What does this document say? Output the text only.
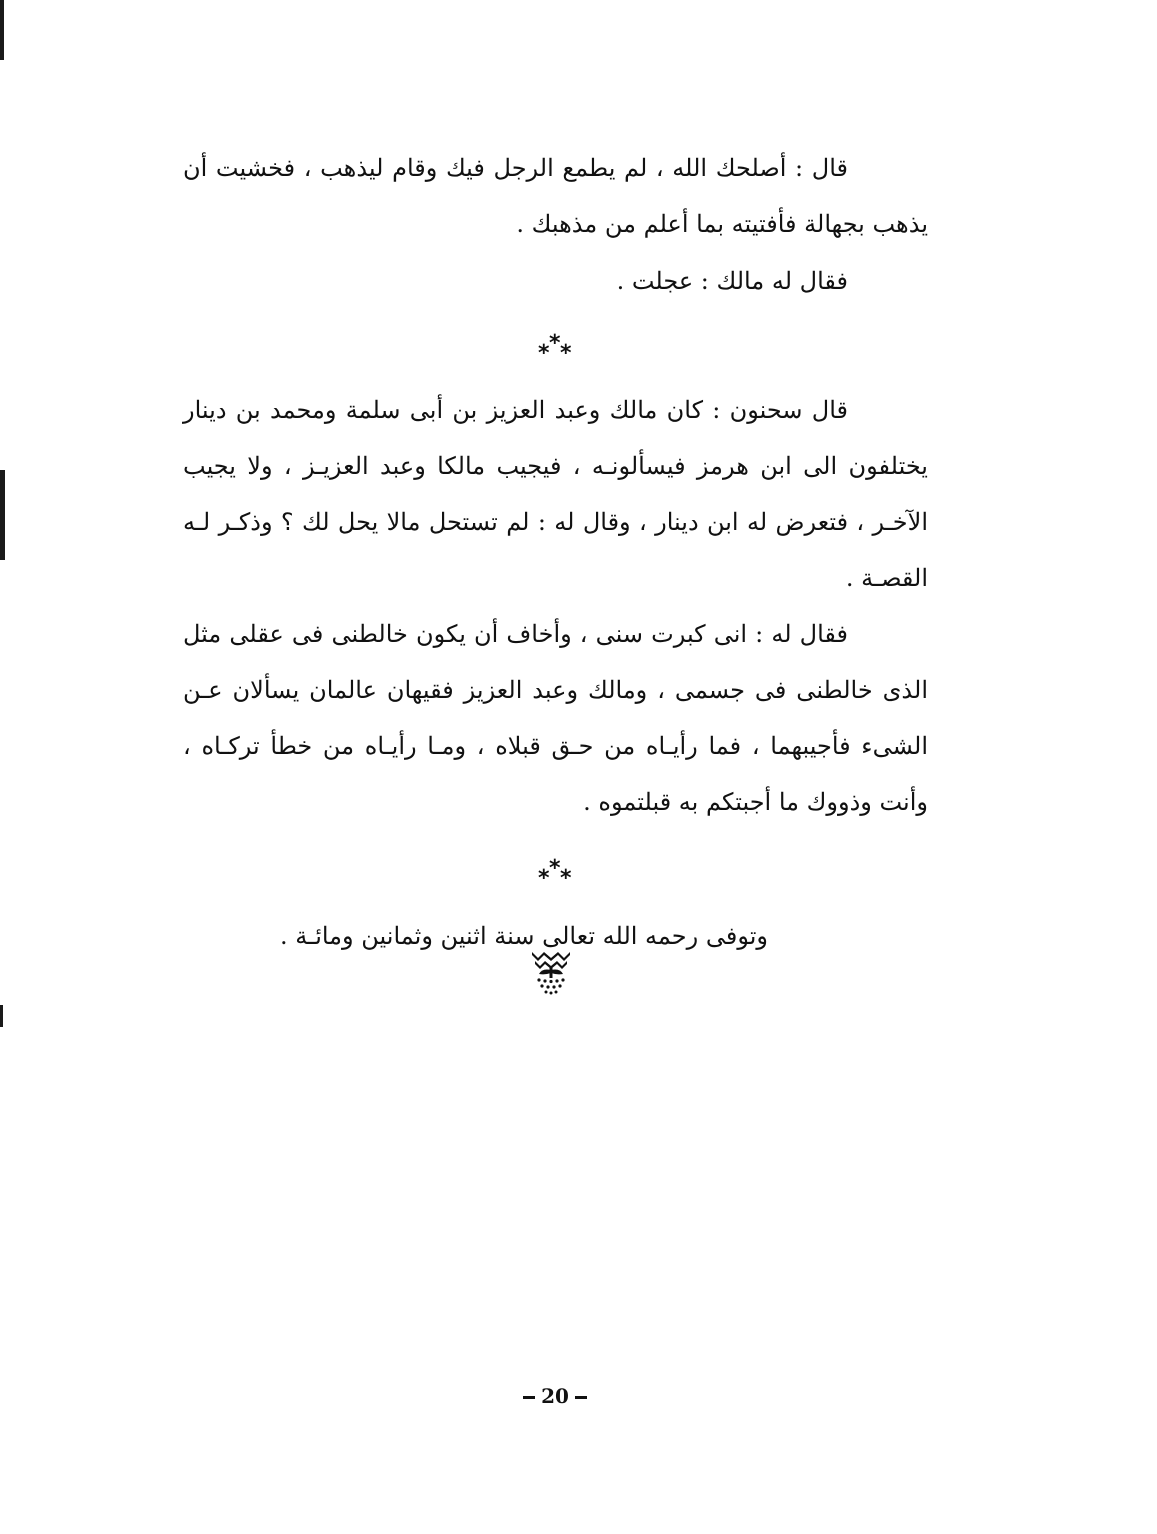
قال : أصلحك الله ، لم يطمع الرجل فيك وقام ليذهب ، فخشيت أن يذهب بجهالة فأفتيته بما أعلم من مذهبك .

فقال له مالك : عجلت .

* * *

قال سحنون : كان مالك وعبد العزيز بن أبى سلمة ومحمد بن دينار يختلفون الى ابن هرمز فيسألونـه ، فيجيب مالكا وعبد العزيـز ، ولا يجيب الآخـر ، فتعرض له ابن دينار ، وقال له : لم تستحل مالا يحل لك ؟ وذكـر لـه القصـة .

فقال له : انى كبرت سنى ، وأخاف أن يكون خالطنى فى عقلى مثل الذى خالطنى فى جسمى ، ومالك وعبد العزيز فقيهان عالمان يسألان عـن الشىء فأجيبهما ، فما رأيـاه من حـق قبلاه ، ومـا رأيـاه من خطأ تركـاه ، وأنت وذووك ما أجبتكم به قبلتموه .

* * *

وتوفى رحمه الله تعالى سنة اثنين وثمانين ومائـة .

20
